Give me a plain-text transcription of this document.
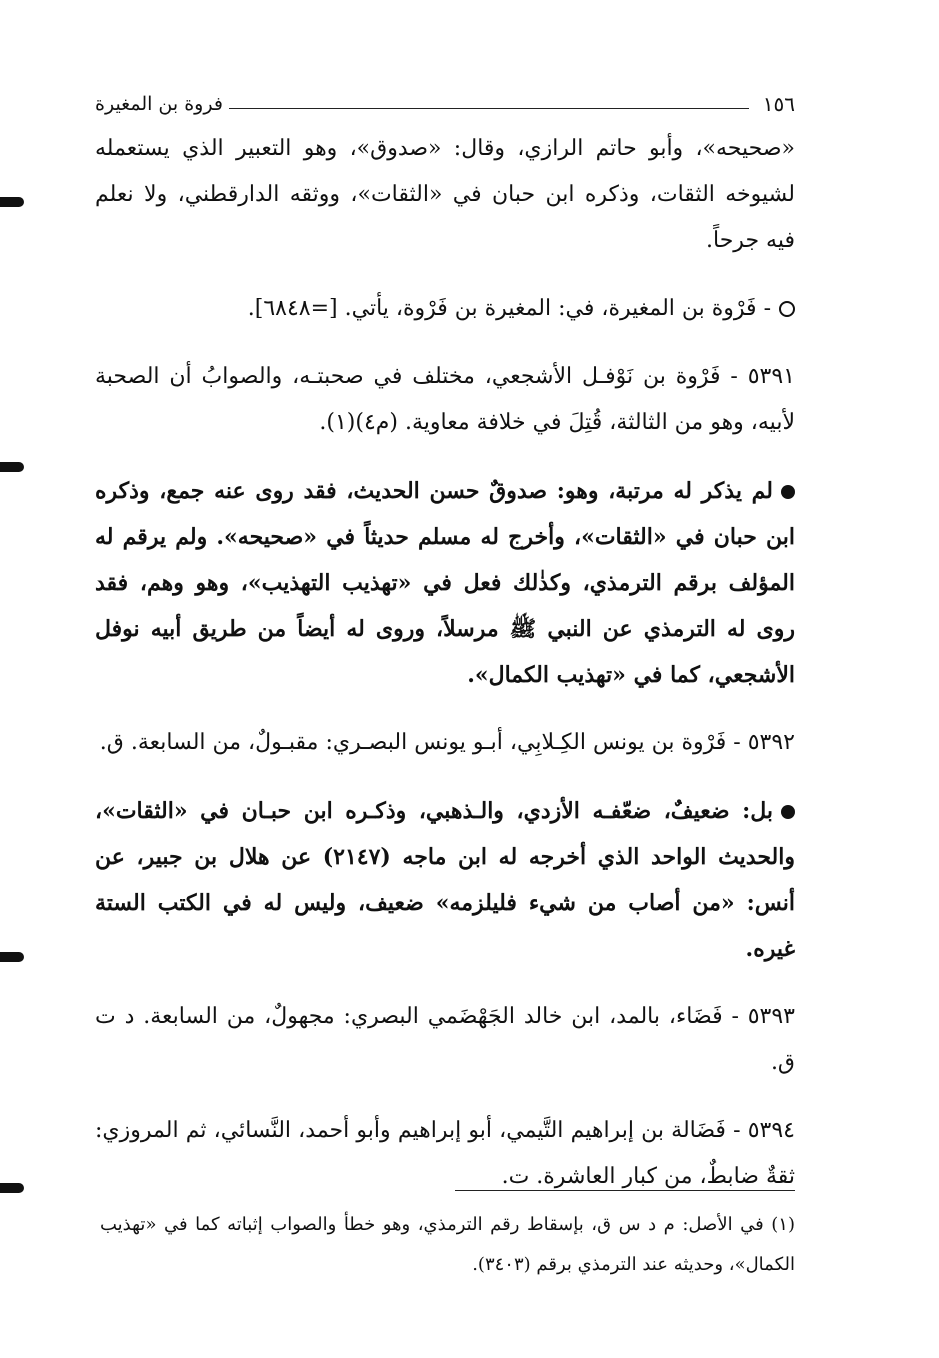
١٥٦
فروة بن المغيرة

«صحيحه»، وأبو حاتم الرازي، وقال: «صدوق»، وهو التعبير الذي يستعمله لشيوخه الثقات، وذكره ابن حبان في «الثقات»، ووثقه الدارقطني، ولا نعلم فيه جرحاً.

- فَرْوة بن المغيرة، في: المغيرة بن فَرْوة، يأتي. [=٦٨٤٨].

٥٣٩١ - فَرْوة بن نَوْفـل الأشجعي، مختلف في صحبتـه، والصوابُ أن الصحبة لأبيه، وهو من الثالثة، قُتِلَ في خلافة معاوية. (م٤)(١).

لم يذكر له مرتبة، وهو: صدوقٌ حسن الحديث، فقد روى عنه جمع، وذكره ابن حبان في «الثقات»، وأخرج له مسلم حديثاً في «صحيحه». ولم يرقم له المؤلف برقم الترمذي، وكذٰلك فعل في «تهذيب التهذيب»، وهو وهم، فقد روى له الترمذي عن النبي ﷺ مرسلاً، وروى له أيضاً من طريق أبيه نوفل الأشجعي، كما في «تهذيب الكمال».

٥٣٩٢ - فَرْوة بن يونس الكِـلابِي، أبـو يونس البصـري: مقبـولٌ، من السابعة. ق.

بل: ضعيفٌ، ضعّفـه الأزدي، والـذهبي، وذكـره ابن حبـان في «الثقات»، والحديث الواحد الذي أخرجه له ابن ماجه (٢١٤٧) عن هلال بن جبير، عن أنس: «من أصاب من شيء فليلزمه» ضعيف، وليس له في الكتب الستة غيره.

٥٣٩٣ - فَضَاء، بالمد، ابن خالد الجَهْضَمي البصري: مجهولٌ، من السابعة. د ت ق.

٥٣٩٤ - فَضَالة بن إبراهيم التَّيمي، أبو إبراهيم وأبو أحمد، النَّسائي، ثم المروزي: ثقةٌ ضابطٌ، من كبار العاشرة. ت.

(١) في الأصل: م د س ق، بإسقاط رقم الترمذي، وهو خطأ والصواب إثباته كما في «تهذيب الكمال»، وحديثه عند الترمذي برقم (٣٤٠٣).
